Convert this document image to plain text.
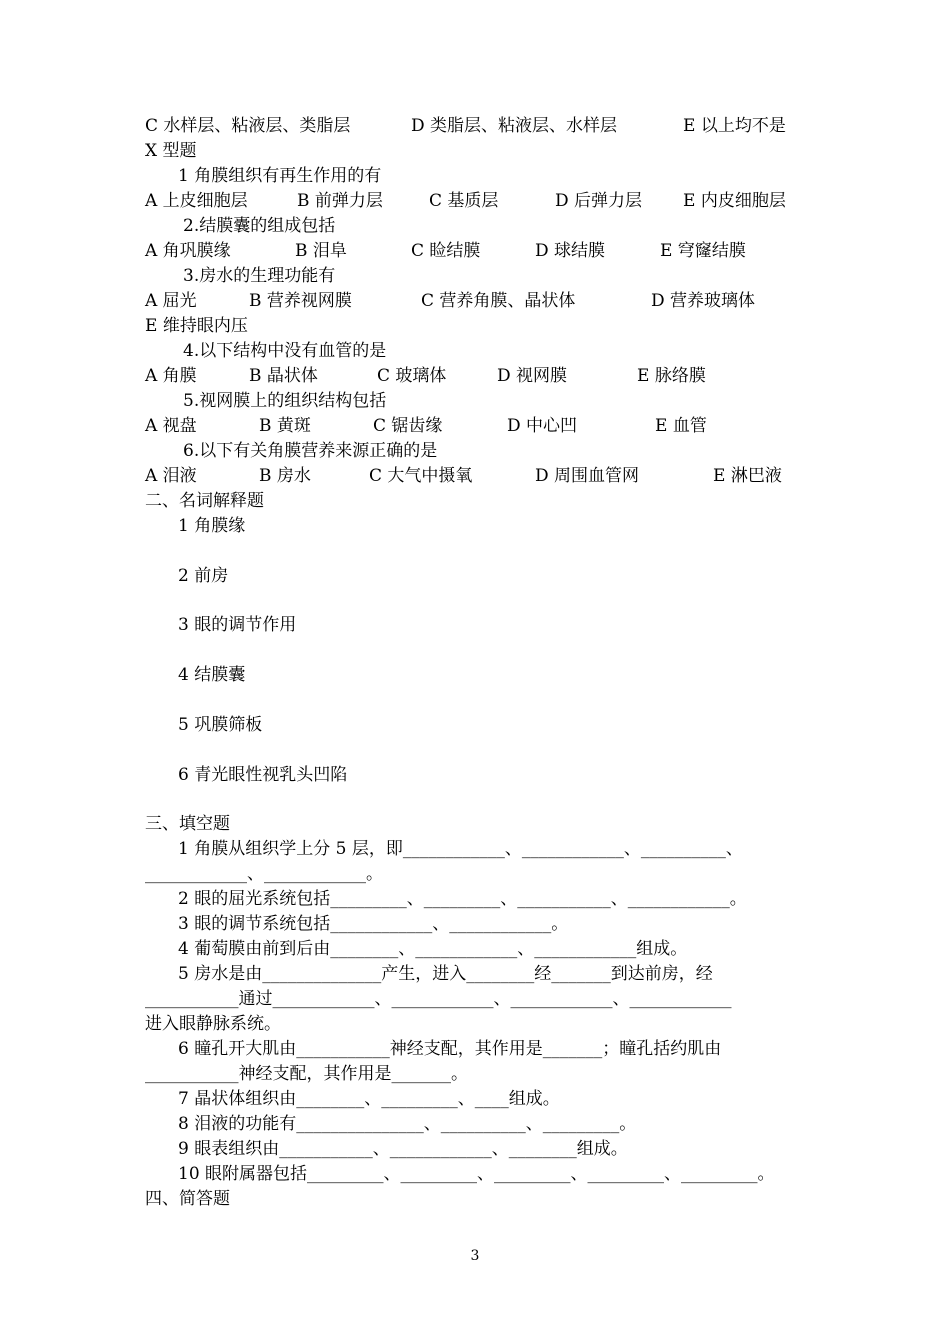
C 水样层、粘液层、类脂层	D 类脂层、粘液层、水样层	E 以上均不是
X 型题
1 角膜组织有再生作用的有
A 上皮细胞层	B 前弹力层	C 基质层	D 后弹力层 E 内皮细胞层
2.结膜囊的组成包括
A 角巩膜缘	B 泪阜	C 睑结膜	D 球结膜	E 穹窿结膜
3.房水的生理功能有
A 屈光	B 营养视网膜	C 营养角膜、晶状体	D 营养玻璃体
E 维持眼内压
4.以下结构中没有血管的是
A 角膜	B 晶状体	C 玻璃体	D 视网膜	E 脉络膜
5.视网膜上的组织结构包括
A 视盘	B 黄斑	C 锯齿缘	D 中心凹	E 血管
6.以下有关角膜营养来源正确的是
A 泪液	B 房水	C 大气中摄氧	D 周围血管网	E 淋巴液
二、名词解释题
1 角膜缘
2 前房
3 眼的调节作用
4 结膜囊
5 巩膜筛板
6 青光眼性视乳头凹陷
三、填空题
1 角膜从组织学上分 5 层，即____________、____________、__________、
____________、____________。
2 眼的屈光系统包括_________、_________、___________、____________。
3 眼的调节系统包括____________、____________。
4 葡萄膜由前到后由________、____________、____________组成。
5 房水是由______________产生，进入________经_______到达前房，经
___________通过____________、____________、____________、____________
进入眼静脉系统。
6 瞳孔开大肌由___________神经支配，其作用是_______；瞳孔括约肌由
___________神经支配，其作用是_______。
7 晶状体组织由________、_________、____组成。
8 泪液的功能有_______________、__________、_________。
9 眼表组织由___________、____________、________组成。
10 眼附属器包括_________、_________、_________、_________、_________。
四、简答题
3
